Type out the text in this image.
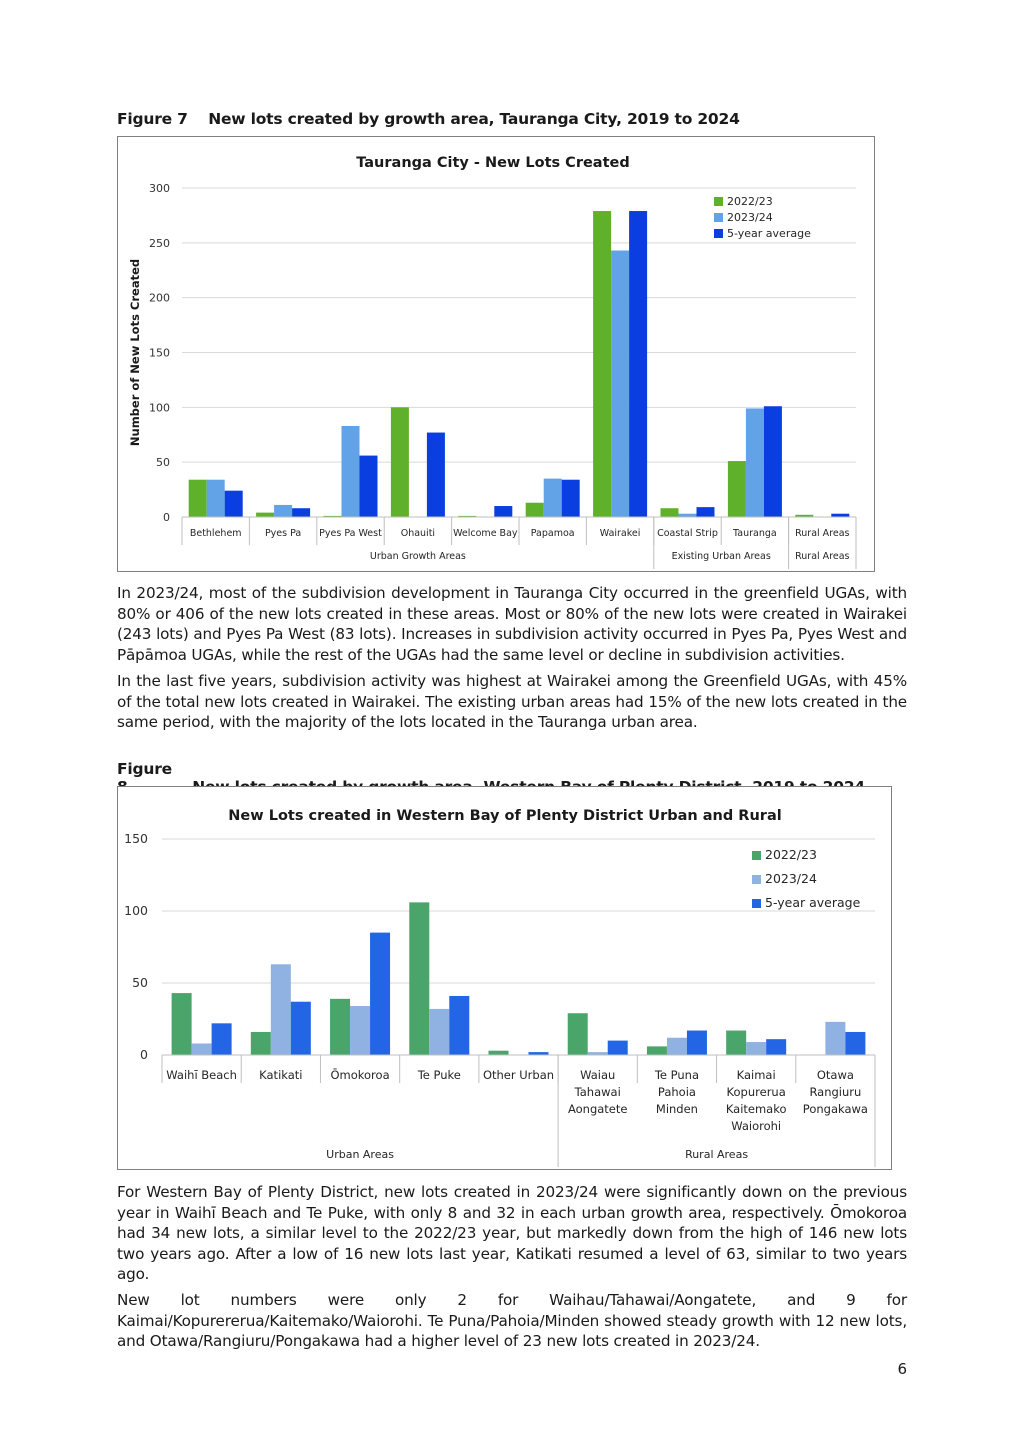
Figure 7 New lots created by growth area, Tauranga City, 2019 to 2024
Tauranga City - New Lots Created
0
50
100
150
200
250
300
Number of New Lots Created
Bethlehem Pyes Pa Pyes Pa West Ohauiti Welcome Bay Papamoa	Wairakei Coastal Strip Tauranga Rural Areas
Urban Growth Areas	Existing Urban Areas	Rural Areas
2022/23
2023/24
5-year average

In 2023/24, most of the subdivision development in Tauranga City occurred in the greenfield UGAs, with 80% or 406 of the new lots created in these areas. Most or 80% of the new lots were created in Wairakei (243 lots) and Pyes Pa West (83 lots). Increases in subdivision activity occurred in Pyes Pa, Pyes West and Pāpāmoa UGAs, while the rest of the UGAs had the same level or decline in subdivision activities.

In the last five years, subdivision activity was highest at Wairakei among the Greenfield UGAs, with 45% of the total new lots created in Wairakei. The existing urban areas had 15% of the new lots created in the same period, with the majority of the lots located in the Tauranga urban area.

Figure
New Lots created in Western Bay of Plenty District Urban and Rural
0
50
100
150
Waihī Beach Katikati Ōmokoroa Te Puke Other Urban Waiau
Tahawai
Aongatete
Te Puna
Pahoia
Minden
Kaimai
Kopurerua
Kaitemako
Waiorohi
Otawa
Rangiuru
Pongakawa
Urban Areas	Rural Areas
2022/23
2023/24
5-year average

For Western Bay of Plenty District, new lots created in 2023/24 were significantly down on the previous year in Waihī Beach and Te Puke, with only 8 and 32 in each urban growth area, respectively. Ōmokoroa had 34 new lots, a similar level to the 2022/23 year, but markedly down from the high of 146 new lots two years ago. After a low of 16 new lots last year, Katikati resumed a level of 63, similar to two years ago.

New lot numbers were only 2 for Waihau/Tahawai/Aongatete, and 9 for Kaimai/Kopurererua/Kaitemako/Waiorohi. Te Puna/Pahoia/Minden showed steady growth with 12 new lots, and Otawa/Rangiuru/Pongakawa had a higher level of 23 new lots created in 2023/24.

6
